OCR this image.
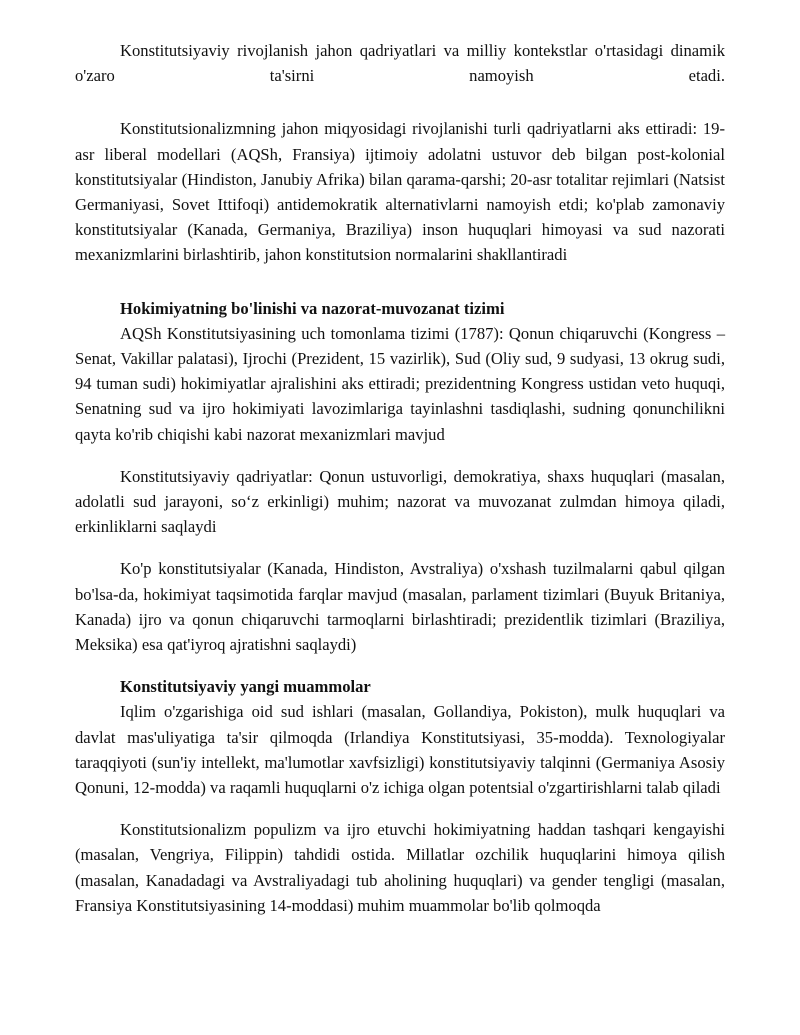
Konstitutsiyaviy rivojlanish jahon qadriyatlari va milliy kontekstlar o'rtasidagi dinamik o'zaro ta'sirni namoyish etadi.

Konstitutsionalizmning jahon miqyosidagi rivojlanishi turli qadriyatlarni aks ettiradi: 19-asr liberal modellari (AQSh, Fransiya) ijtimoiy adolatni ustuvor deb bilgan post-kolonial konstitutsiyalar (Hindiston, Janubiy Afrika) bilan qarama-qarshi; 20-asr totalitar rejimlari (Natsist Germaniyasi, Sovet Ittifoqi) antidemokratik alternativlarni namoyish etdi; ko'plab zamonaviy konstitutsiyalar (Kanada, Germaniya, Braziliya) inson huquqlari himoyasi va sud nazorati mexanizmlarini birlashtirib, jahon konstitutsion normalarini shakllantiradi

Hokimiyatning bo'linishi va nazorat-muvozanat tizimi

AQSh Konstitutsiyasining uch tomonlama tizimi (1787): Qonun chiqaruvchi (Kongress – Senat, Vakillar palatasi), Ijrochi (Prezident, 15 vazirlik), Sud (Oliy sud, 9 sudyasi, 13 okrug sudi, 94 tuman sudi) hokimiyatlar ajralishini aks ettiradi; prezidentning Kongress ustidan veto huquqi, Senatning sud va ijro hokimiyati lavozimlariga tayinlashni tasdiqlashi, sudning qonunchilikni qayta ko'rib chiqishi kabi nazorat mexanizmlari mavjud

Konstitutsiyaviy qadriyatlar: Qonun ustuvorligi, demokratiya, shaxs huquqlari (masalan, adolatli sud jarayoni, so‘z erkinligi) muhim; nazorat va muvozanat zulmdan himoya qiladi, erkinliklarni saqlaydi

Ko'p konstitutsiyalar (Kanada, Hindiston, Avstraliya) o'xshash tuzilmalarni qabul qilgan bo'lsa-da, hokimiyat taqsimotida farqlar mavjud (masalan, parlament tizimlari (Buyuk Britaniya, Kanada) ijro va qonun chiqaruvchi tarmoqlarni birlashtiradi; prezidentlik tizimlari (Braziliya, Meksika) esa qat'iyroq ajratishni saqlaydi)

Konstitutsiyaviy yangi muammolar

Iqlim o'zgarishiga oid sud ishlari (masalan, Gollandiya, Pokiston), mulk huquqlari va davlat mas'uliyatiga ta'sir qilmoqda (Irlandiya Konstitutsiyasi, 35-modda). Texnologiyalar taraqqiyoti (sun'iy intellekt, ma'lumotlar xavfsizligi) konstitutsiyaviy talqinni (Germaniya Asosiy Qonuni, 12-modda) va raqamli huquqlarni o'z ichiga olgan potentsial o'zgartirishlarni talab qiladi

Konstitutsionalizm populizm va ijro etuvchi hokimiyatning haddan tashqari kengayishi (masalan, Vengriya, Filippin) tahdidi ostida. Millatlar ozchilik huquqlarini himoya qilish (masalan, Kanadadagi va Avstraliyadagi tub aholining huquqlari) va gender tengligi (masalan, Fransiya Konstitutsiyasining 14-moddasi) muhim muammolar bo'lib qolmoqda
